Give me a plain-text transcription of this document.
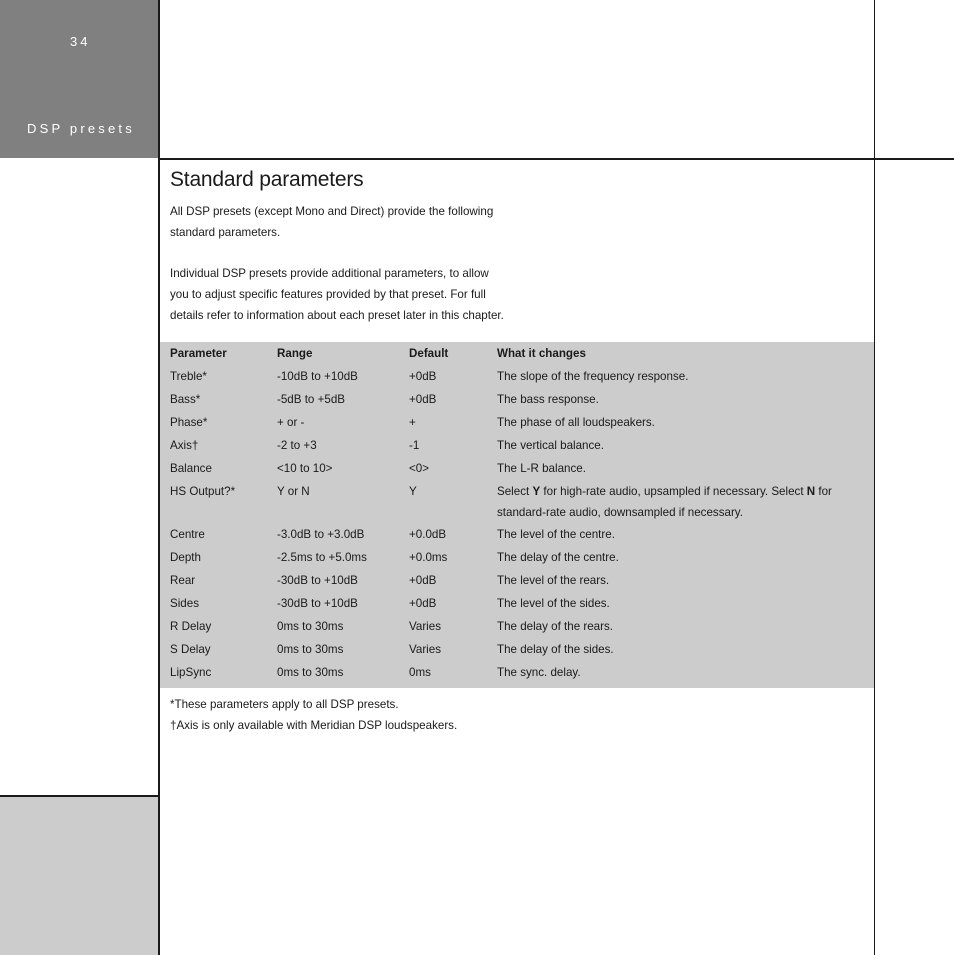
34
DSP presets
Standard parameters

All DSP presets (except Mono and Direct) provide the following standard parameters.

Individual DSP presets provide additional parameters, to allow you to adjust specific features provided by that preset. For full details refer to information about each preset later in this chapter.

Parameter	Range	Default	What it changes
Treble*	-10dB to +10dB	+0dB	The slope of the frequency response.
Bass*	-5dB to +5dB	+0dB	The bass response.
Phase*	+ or -	+	The phase of all loudspeakers.
Axis†	-2 to +3	-1	The vertical balance.
Balance	<10 to 10>	<0>	The L-R balance.
HS Output?*	Y or N	Y	Select Y for high-rate audio, upsampled if necessary. Select N for standard-rate audio, downsampled if necessary.
Centre	-3.0dB to +3.0dB	+0.0dB	The level of the centre.
Depth	-2.5ms to +5.0ms	+0.0ms	The delay of the centre.
Rear	-30dB to +10dB	+0dB	The level of the rears.
Sides	-30dB to +10dB	+0dB	The level of the sides.
R Delay	0ms to 30ms	Varies	The delay of the rears.
S Delay	0ms to 30ms	Varies	The delay of the sides.
LipSync	0ms to 30ms	0ms	The sync. delay.

*These parameters apply to all DSP presets.

†Axis is only available with Meridian DSP loudspeakers.
